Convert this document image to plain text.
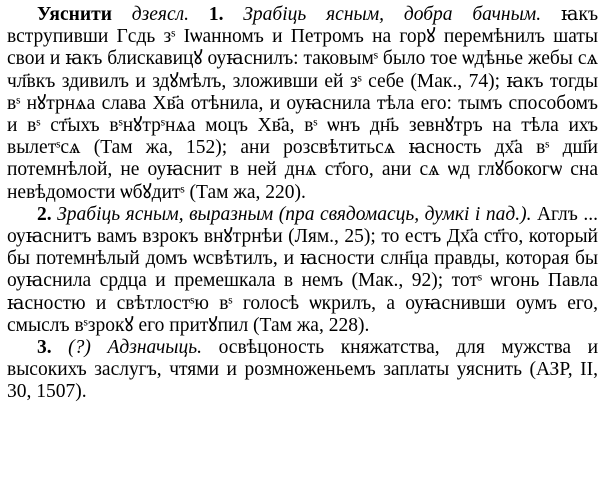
Уяснити дзеясл. 1. Зрабіць ясным, добра бачным. ꙗкъ вструпивши Гсдь зˢ Iѡанномъ и Петромъ на горꙋ перемѣнилъ шаты свои и ꙗкъ блискавицꙋ оуꙗснилъ: таковымˢ было тое ѡдѣнье жебы сѧ чл҃вкъ здивилъ и здꙋмѣлъ, зложивши ей зˢ себе (Мак., 74); ꙗкъ тогды вˢ нꙋтрнѧа слава Хв҃а отѣнила, и оуꙗснила тѣла его: тымъ способомъ и вˢ ст҃ыхъ вˢнꙋтрˢнѧа моцъ Хв҃а, вˢ ѡнъ дн҃ь зевнꙋтръ на тѣла ихъ вылетˢсѧ (Там жа, 152); ани розсвѣтитьсѧ ꙗсность дх҃а вˢ дш҃и потемнѣлой, не оуꙗснит в ней днѧ ст҃ого, ани сѧ ѡд глꙋбокогѡ сна невѣдомости ѡбꙋдитˢ (Там жа, 220).

2. Зрабіць ясным, выразным (пра свядомасць, думкі і пад.). Аглъ ... оуꙗснитъ вамъ взрокъ внꙋтрнѣи (Лям., 25); то естъ Дх҃а ст҃го, который бы потемнѣлый домъ ѡсвѣтилъ, и ꙗсности слн҃ца правды, которая бы оуꙗснила срдца и премешкала в немъ (Мак., 92); тотˢ ѡгонь Павла ꙗсностю и свѣтлостˢю вˢ голосѣ ѡкрилъ, а оуꙗснивши оумъ его, смыслъ вˢзрокꙋ его притꙋпил (Там жа, 228).

3. (?) Адзначыць. освѣцоность княжатства, для мужства и высокихъ заслугъ, чтями и розмноженьемъ заплаты уяснить (АЗР, II, 30, 1507).
